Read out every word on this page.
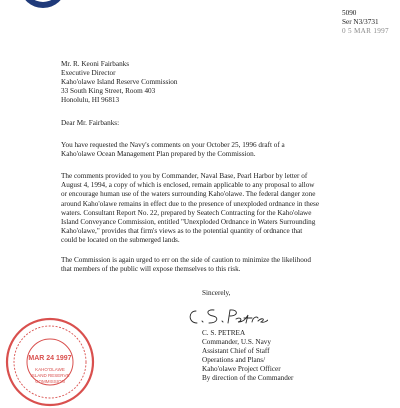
5090
Ser N3/3731
0 5 MAR 1997
Mr. R. Keoni Fairbanks
Executive Director
Kaho'olawe Island Reserve Commission
33 South King Street, Room 403
Honolulu, HI 96813
Dear Mr. Fairbanks:
You have requested the Navy's comments on your October 25, 1996 draft of a
Kaho'olawe Ocean Management Plan prepared by the Commission.
The comments provided to you by Commander, Naval Base, Pearl Harbor by letter of
August 4, 1994, a copy of which is enclosed, remain applicable to any proposal to allow
or encourage human use of the waters surrounding Kaho'olawe. The federal danger zone
around Kaho'olawe remains in effect due to the presence of unexploded ordnance in these
waters. Consultant Report No. 22, prepared by Seatech Contracting for the Kaho'olawe
Island Conveyance Commission, entitled "Unexploded Ordnance in Waters Surrounding
Kaho'olawe," provides that firm's views as to the potential quantity of ordnance that
could be located on the submerged lands.
The Commission is again urged to err on the side of caution to minimize the likelihood
that members of the public will expose themselves to this risk.
Sincerely,
C. S. PETREA
Commander, U.S. Navy
Assistant Chief of Staff
Operations and Plans/
Kaho'olawe Project Officer
By direction of the Commander
MAR 24 1997
KAHO'OLAWE
ISLAND RESERVE
COMMISSION
